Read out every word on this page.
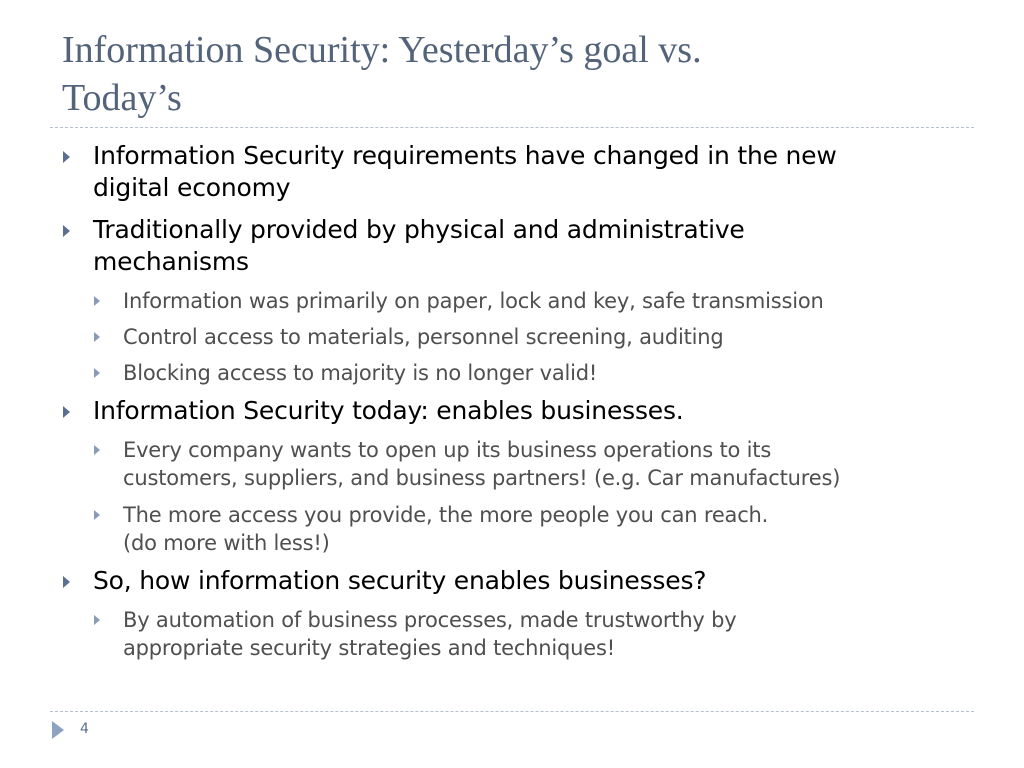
Information Security: Yesterday’s goal vs.
Today’s
Information Security requirements have changed in the new
digital economy
Traditionally provided by physical and administrative
mechanisms
Information was primarily on paper, lock and key, safe transmission
Control access to materials, personnel screening, auditing
Blocking access to majority is no longer valid!
Information Security today: enables businesses.
Every company wants to open up its business operations to its
customers, suppliers, and business partners! (e.g. Car manufactures)
The more access you provide, the more people you can reach.
(do more with less!)
So, how information security enables businesses?
By automation of business processes, made trustworthy by
appropriate security strategies and techniques!
4
